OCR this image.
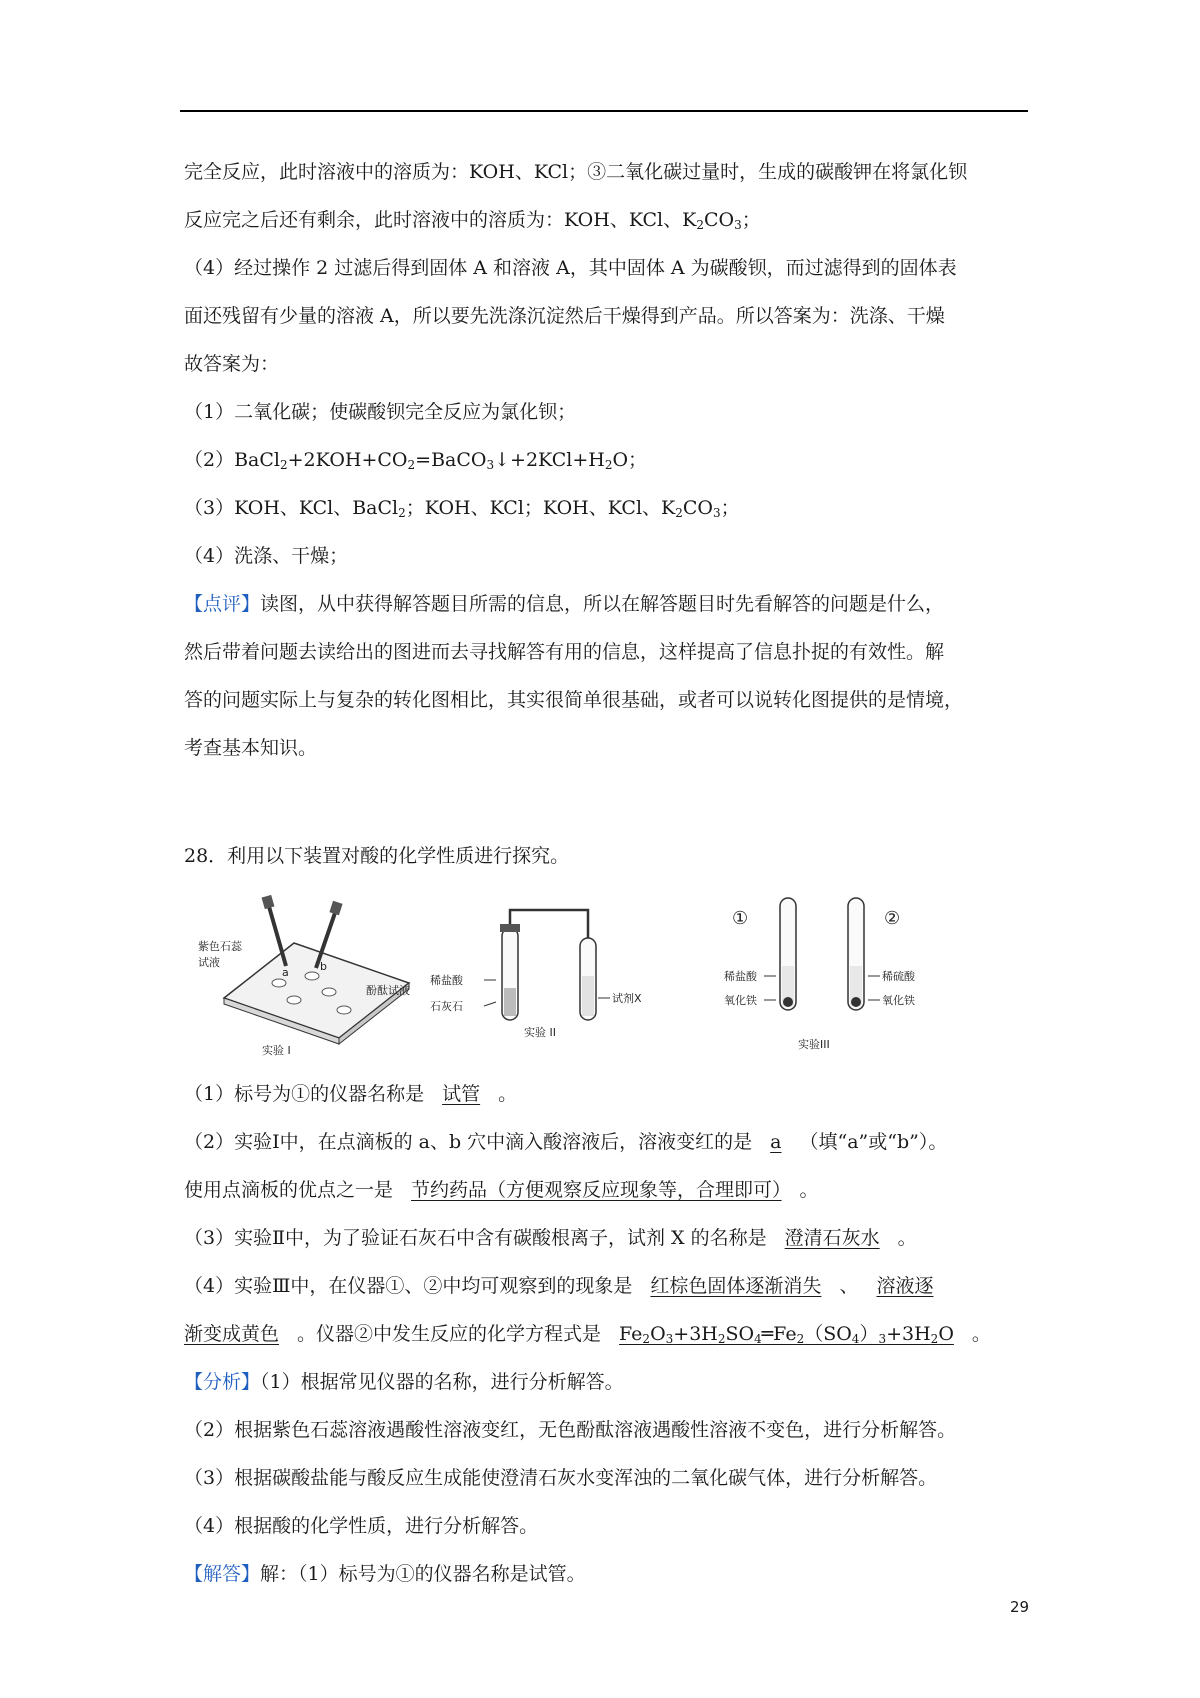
完全反应，此时溶液中的溶质为：KOH、KCl；③二氧化碳过量时，生成的碳酸钾在将氯化钡
反应完之后还有剩余，此时溶液中的溶质为：KOH、KCl、$K_2CO_3$；
（4）经过操作 2 过滤后得到固体 A 和溶液 A，其中固体 A 为碳酸钡，而过滤得到的固体表
面还残留有少量的溶液 A，所以要先洗涤沉淀然后干燥得到产品。所以答案为：洗涤、干燥
故答案为：
（1）二氧化碳；使碳酸钡完全反应为氯化钡；
$(2)BaCl_2+2KOH+CO_2=BaCO_3↓+2KCl+H_2O$；
（3）KOH、KCl、BaCl$_2$；KOH、KCl；KOH、KCl、$K_2CO_3$；
（4）洗涤、干燥；
【点评】读图，从中获得解答题目所需的信息，所以在解答题目时先看解答的问题是什么，
然后带着问题去读给出的图进而去寻找解答有用的信息，这样提高了信息扑捉的有效性。解
答的问题实际上与复杂的转化图相比，其实很简单很基础，或者可以说转化图提供的是情境，
考查基本知识。
28．利用以下装置对酸的化学性质进行探究。
紫色石蕊
试液
酚酞试液
a	b
实验 I
稀盐酸
石灰石
试剂X
实验 II
①	②
稀盐酸
氧化铁
稀硫酸
氧化铁
实验III
（1）标号为①的仪器名称是 试管 。
（2）实验Ⅰ中，在点滴板的 a、b 穴中滴入酸溶液后，溶液变红的是 a （填“a”或“b”）。
使用点滴板的优点之一是 节约药品（方便观察反应现象等，合理即可） 。
（3）实验Ⅱ中，为了验证石灰石中含有碳酸根离子，试剂 X 的名称是 澄清石灰水 。
（4）实验Ⅲ中，在仪器①、②中均可观察到的现象是 红棕色固体逐渐消失 、 溶液逐
渐变成黄色 。仪器②中发生反应的化学方程式是 $Fe_2O_3+3H_2SO_4═Fe_2(SO_4)_3+3H_2O$ 。
【分析】（1）根据常见仪器的名称，进行分析解答。
（2）根据紫色石蕊溶液遇酸性溶液变红，无色酚酞溶液遇酸性溶液不变色，进行分析解答。
（3）根据碳酸盐能与酸反应生成能使澄清石灰水变浑浊的二氧化碳气体，进行分析解答。
（4）根据酸的化学性质，进行分析解答。
【解答】解：（1）标号为①的仪器名称是试管。
29
